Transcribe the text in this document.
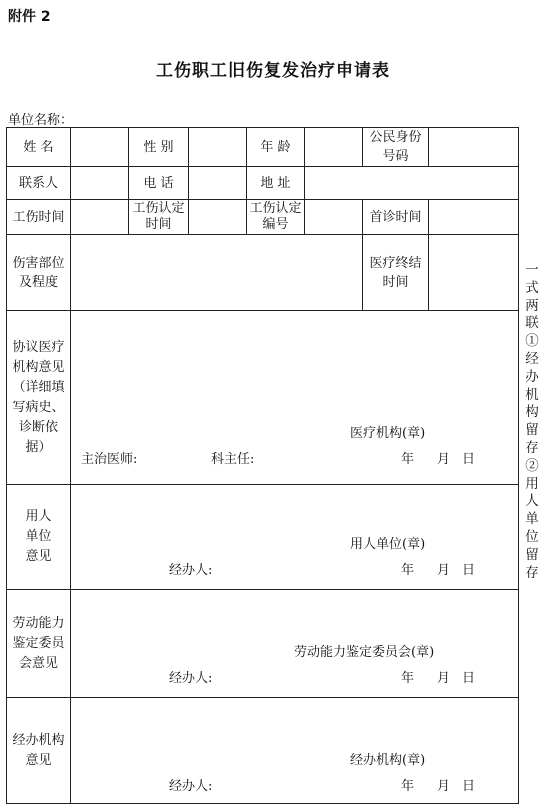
附件 2
工伤职工旧伤复发治疗申请表
单位名称：
姓 名		性 别		年 龄		公民身份号码	
联系人		电 话		地 址			
工伤时间		工伤认定时间		工伤认定编号		首诊时间	
伤害部位及程度						医疗终结时间	
协议医疗机构意见（详细填写病史、诊断依据）	医疗机构(章)
主治医师: 科主任: 年 月 日						

用人单位意见	用人单位(章)
经办人: 年 月 日						

劳动能力鉴定委员会意见	劳动能力鉴定委员会(章)
经办人: 年 月 日						

经办机构意见	经办机构(章)
经办人: 年 月 日						
一式两联①经办机构留存②用人单位留存
